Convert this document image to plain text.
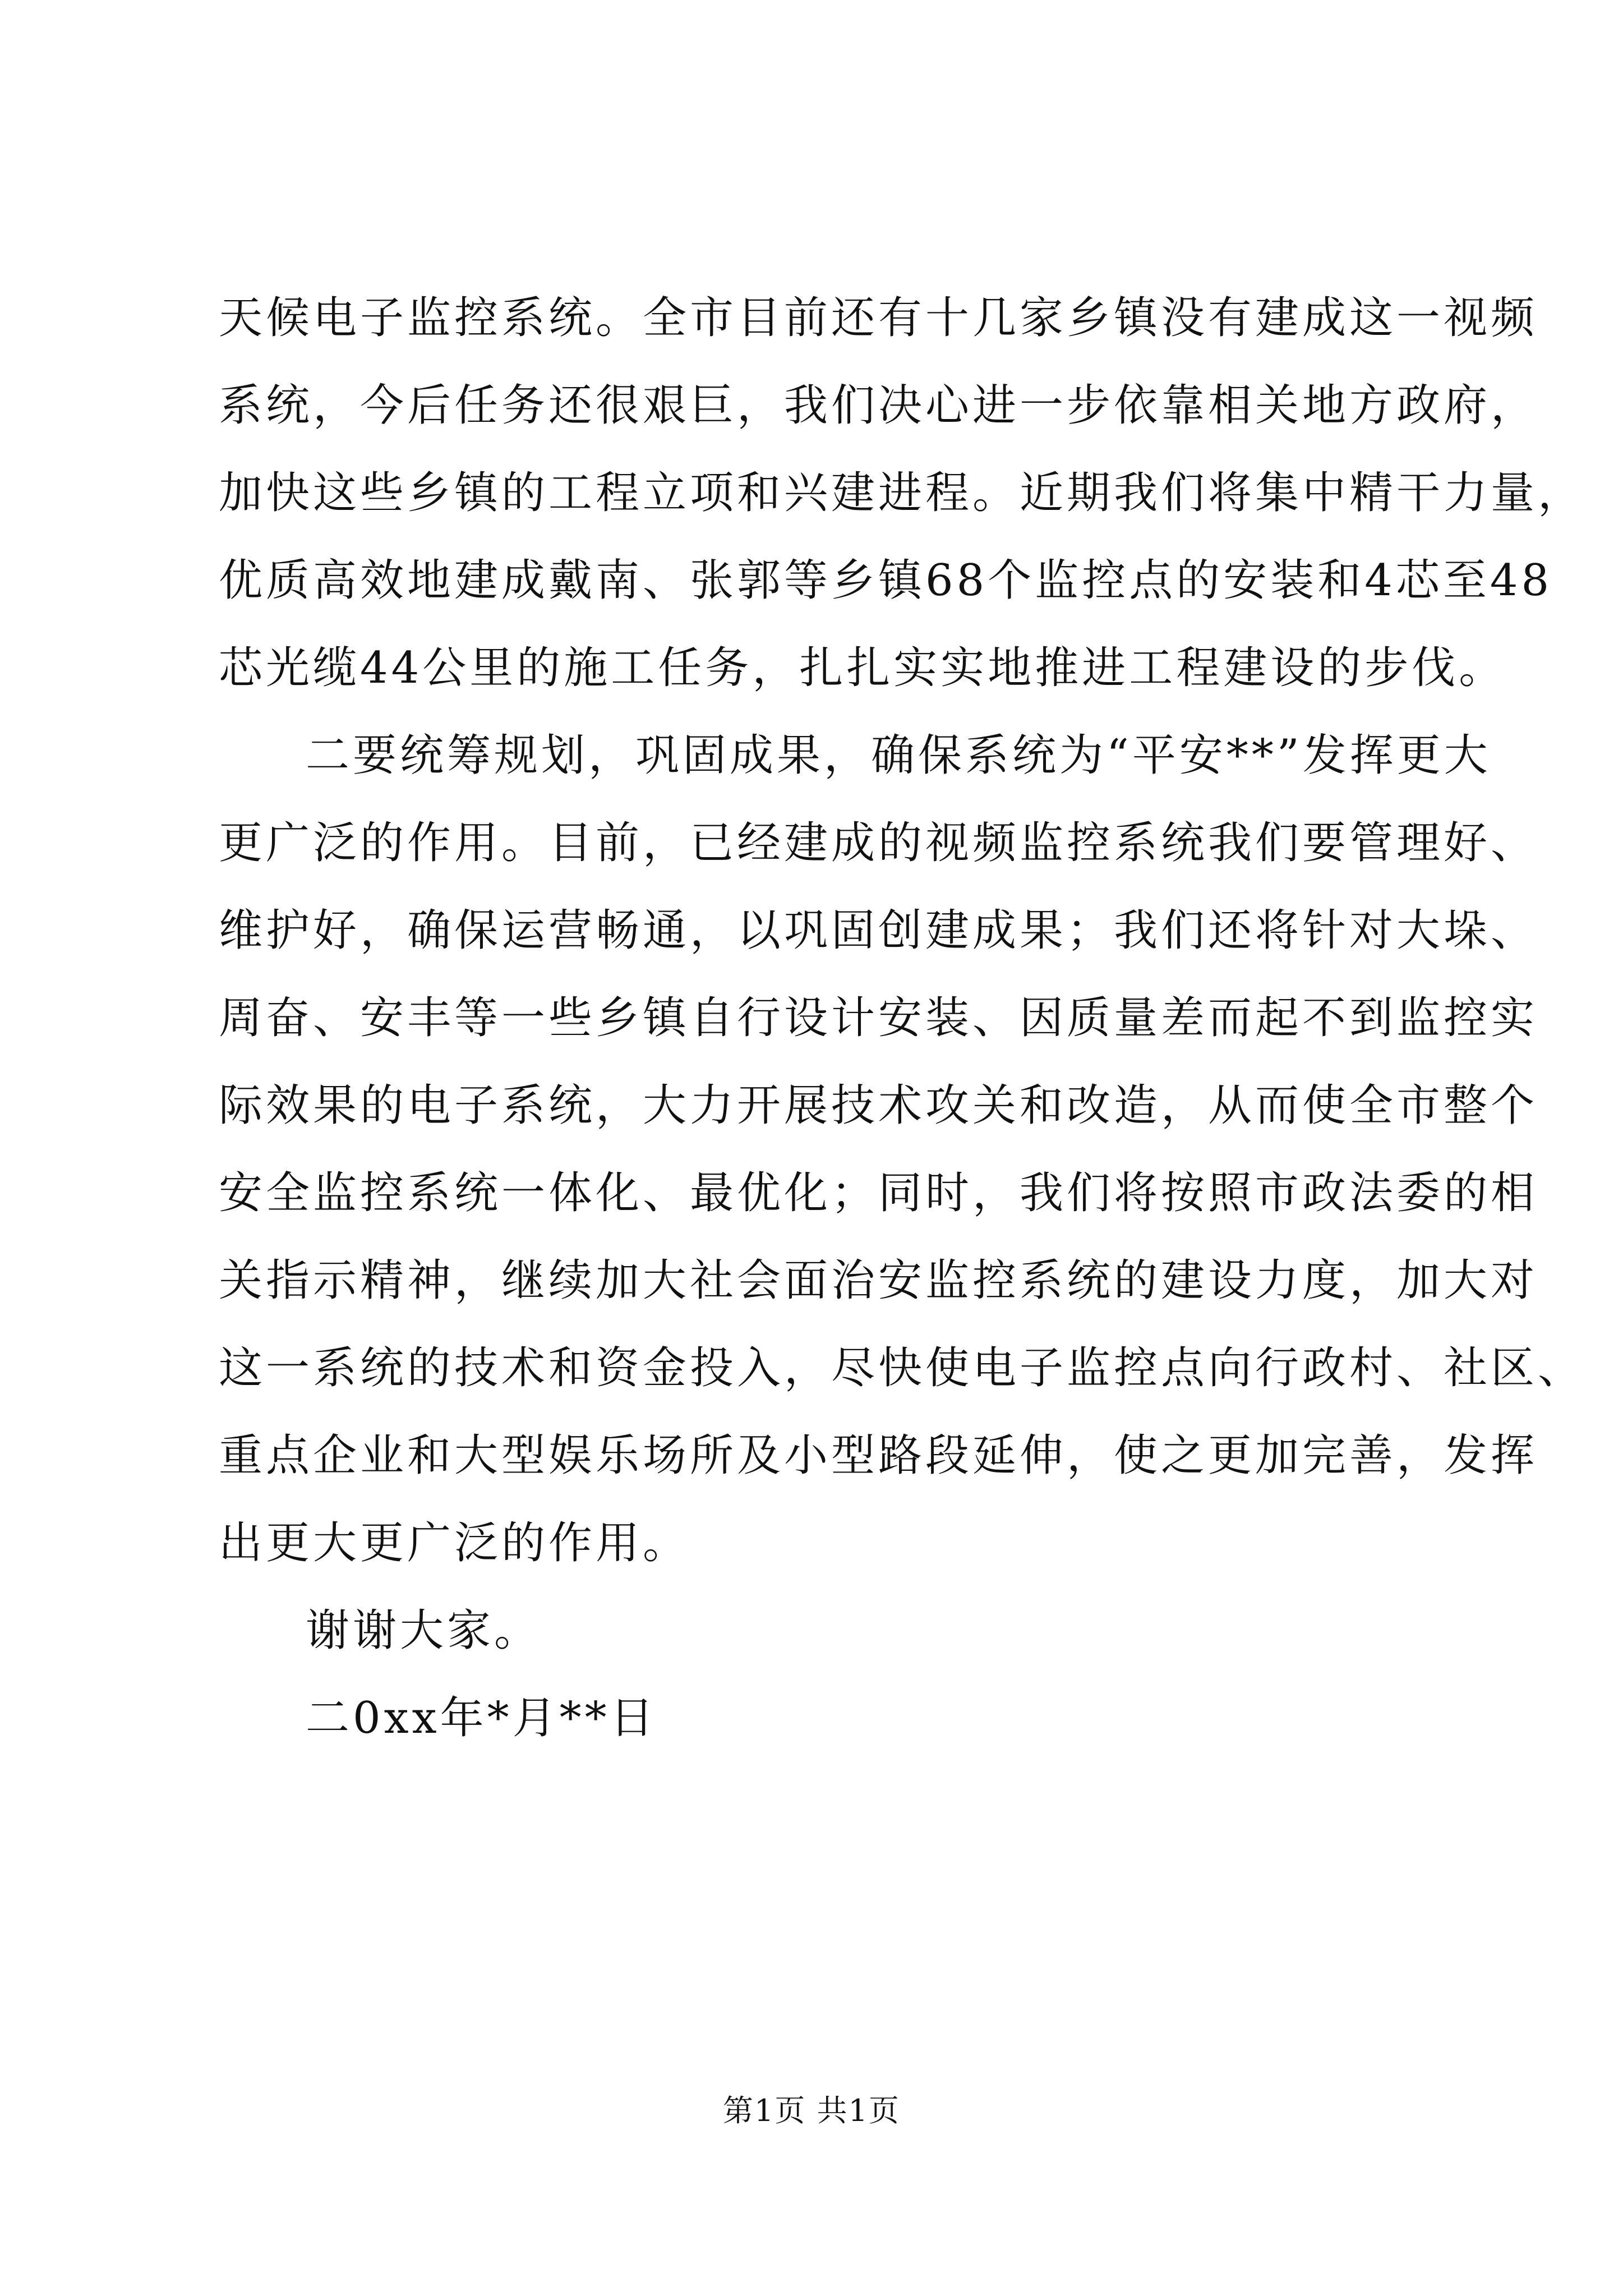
天候电子监控系统。全市目前还有十几家乡镇没有建成这一视频
系统，今后任务还很艰巨，我们决心进一步依靠相关地方政府，
加快这些乡镇的工程立项和兴建进程。近期我们将集中精干力量，
优质高效地建成戴南、张郭等乡镇68个监控点的安装和4芯至48
芯光缆44公里的施工任务，扎扎实实地推进工程建设的步伐。
二要统筹规划，巩固成果，确保系统为“平安**”发挥更大
更广泛的作用。目前，已经建成的视频监控系统我们要管理好、
维护好，确保运营畅通，以巩固创建成果；我们还将针对大垛、
周奋、安丰等一些乡镇自行设计安装、因质量差而起不到监控实
际效果的电子系统，大力开展技术攻关和改造，从而使全市整个
安全监控系统一体化、最优化；同时，我们将按照市政法委的相
关指示精神，继续加大社会面治安监控系统的建设力度，加大对
这一系统的技术和资金投入，尽快使电子监控点向行政村、社区、
重点企业和大型娱乐场所及小型路段延伸，使之更加完善，发挥
出更大更广泛的作用。
谢谢大家。
二0xx年*月**日
第1页 共1页
